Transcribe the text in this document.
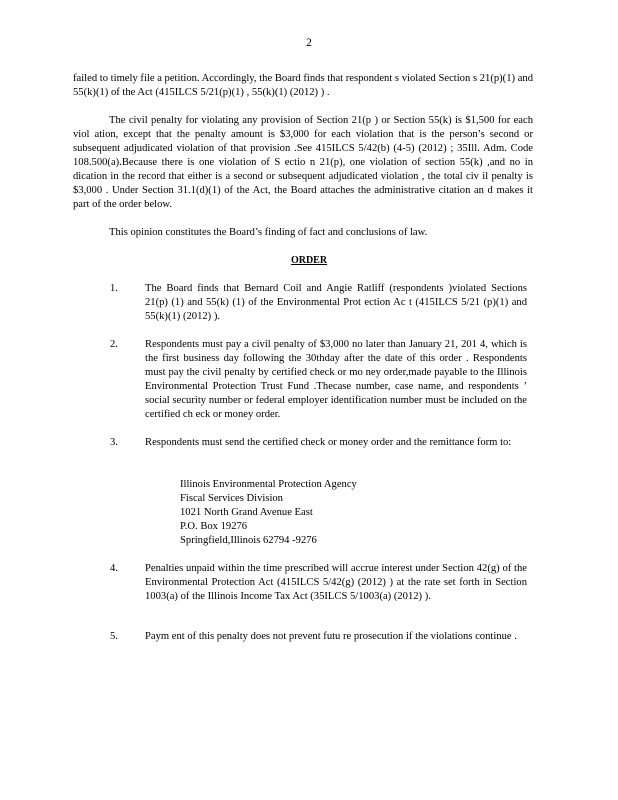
2

failed to timely file a petition. Accordingly, the Board finds that respondent s violated Section s 21(p)(1) and 55(k)(1) of the Act (415ILCS 5/21(p)(1) , 55(k)(1) (2012) ) .

The civil penalty for violating any provision of Section 21(p ) or Section 55(k) is $1,500 for each viol ation, except that the penalty amount is $3,000 for each violation that is the person’s second or subsequent adjudicated violation of that provision .See 415ILCS 5/42(b) (4-5) (2012) ; 35Ill. Adm. Code 108.500(a).Because there is one violation of S ectio n 21(p), one violation of section 55(k) ,and no in dication in the record that either is a second or subsequent adjudicated violation , the total civ il penalty is $3,000 . Under Section 31.1(d)(1) of the Act, the Board attaches the administrative citation an d makes it part of the order below.

This opinion constitutes the Board’s finding of fact and conclusions of law.

ORDER
1.	The Board finds that Bernard Coil and Angie Ratliff (respondents )violated Sections 21(p) (1) and 55(k) (1) of the Environmental Prot ection Ac t (415ILCS 5/21 (p)(1) and 55(k)(1) (2012) ).
2.	Respondents must pay a civil penalty of $3,000 no later than January 21, 201 4, which is the first business day following the 30thday after the date of this order . Respondents must pay the civil penalty by certified check or mo ney order,made payable to the Illinois Environmental Protection Trust Fund .Thecase number, case name, and respondents ’ social security number or federal employer identification number must be included on the certified ch eck or money order.
3.	Respondents must send the certified check or money order and the remittance form to:
Illinois Environmental Protection Agency
Fiscal Services Division
1021 North Grand Avenue East
P.O. Box 19276
Springfield,Illinois 62794 -9276
4.	Penalties unpaid within the time prescribed will accrue interest under Section 42(g) of the Environmental Protection Act (415ILCS 5/42(g) (2012) ) at the rate set forth in Section 1003(a) of the Illinois Income Tax Act (35ILCS 5/1003(a) (2012) ).
5.	Paym ent of this penalty does not prevent futu re prosecution if the violations continue .
